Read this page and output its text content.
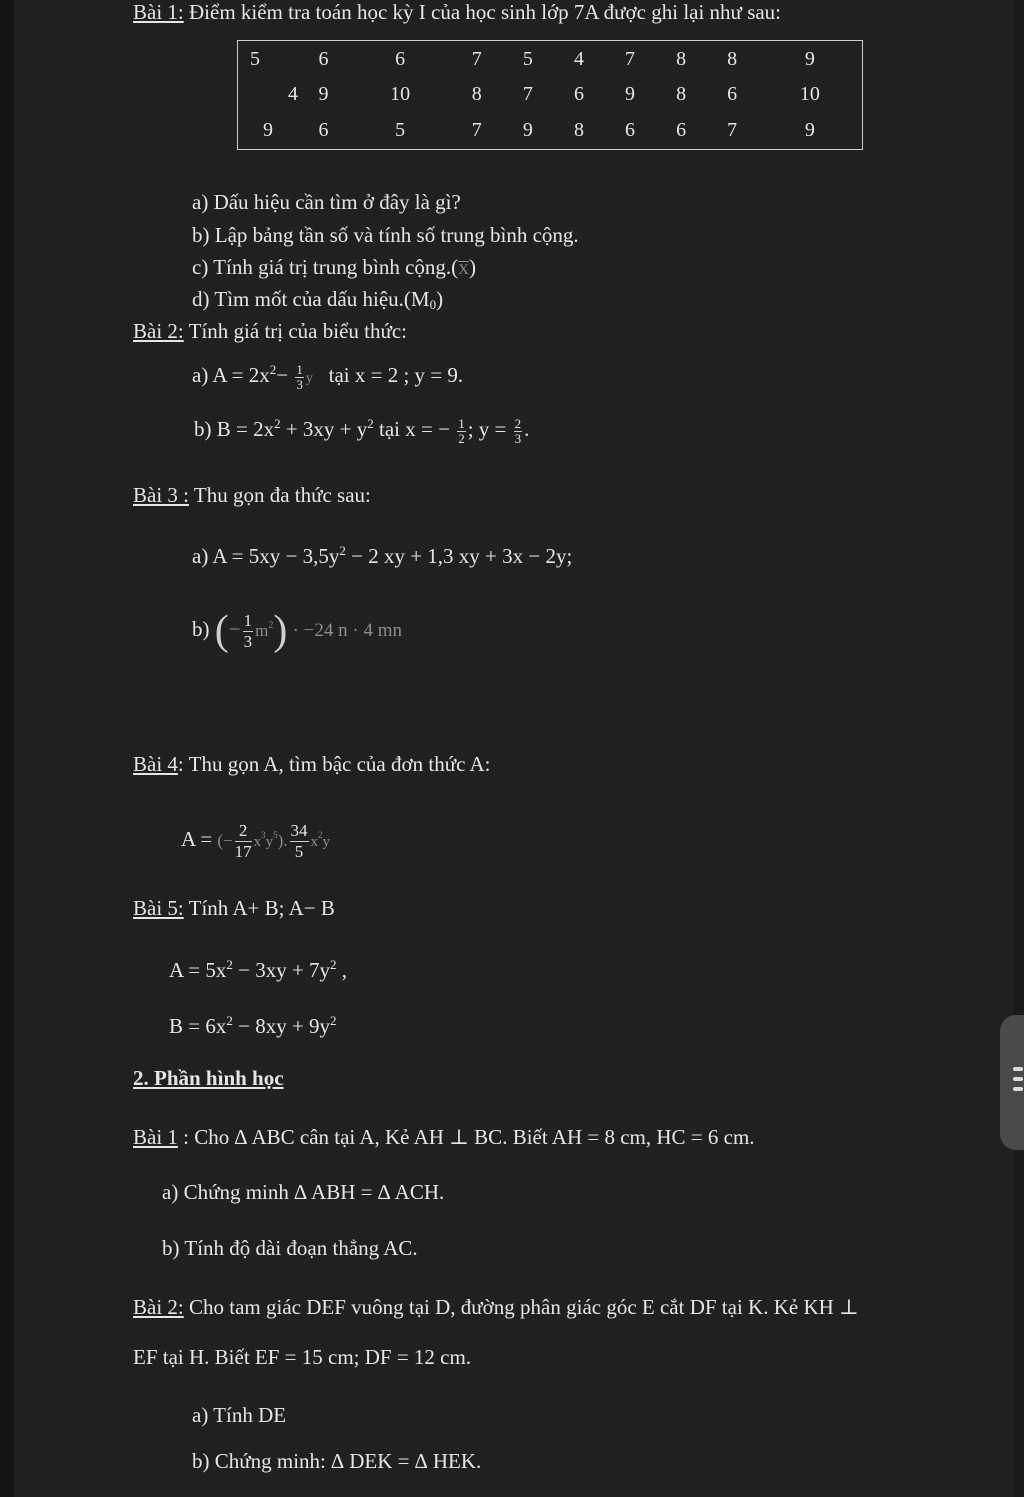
Bài 1: Điểm kiểm tra toán học kỳ I của học sinh lớp 7A được ghi lại như sau:
5	6	6	7	5	4	7	8	8	9
4	9	10	8	7	6	9	8	6	10
9	6	5	7	9	8	6	6	7	9
a) Dấu hiệu cần tìm ở đây là gì?
b) Lập bảng tần số và tính số trung bình cộng.
c) Tính giá trị trung bình $cộng.(\overline{X})$
d) Tìm mốt của dấu $hiệu.(M_0)$
Bài 2: Tính giá trị của biểu thức:
a) $A = 2x^2- \frac{1}{3}$ y tại x = 2 ; y = 9.
b) $B = 2x^2 + 3xy + y^2$ tại x = − $\frac{1}{2}$ ; $y = \frac{2}{3}$ .
Bài 3 : Thu gọn đa thức sau:
a) $A = 5xy - 3,5y^2 - 2$ xy + 1,3 xy + 3x − 2y;
b) (− $\frac{1}{3} m^2) \cdot -24$ n · 4 mn
Bài 4: Thu gọn A, tìm bậc của đơn thức A:
A = (− $\frac{2}{17} x^3y^5$). $\frac{34}{5} x^2y$
Bài 5: Tính A+ B; A− B
$A = 5x^2 - 3xy + 7y^2$ ,
$B = 6x^2 - 8xy + 9y^2$
2. Phần hình học
Bài 1 : Cho ∆ ABC cân tại A, Kẻ AH ⊥ BC. Biết AH = 8 cm, HC = 6 cm.
a) Chứng minh ∆ ABH = ∆ ACH.
b) Tính độ dài đoạn thẳng AC.
Bài 2: Cho tam giác DEF vuông tại D, đường phân giác góc E cắt DF tại K. Kẻ KH ⊥
EF tại H. Biết EF = 15 cm; DF = 12 cm.
a) Tính DE
b) Chứng minh: ∆ DEK = ∆ HEK.
